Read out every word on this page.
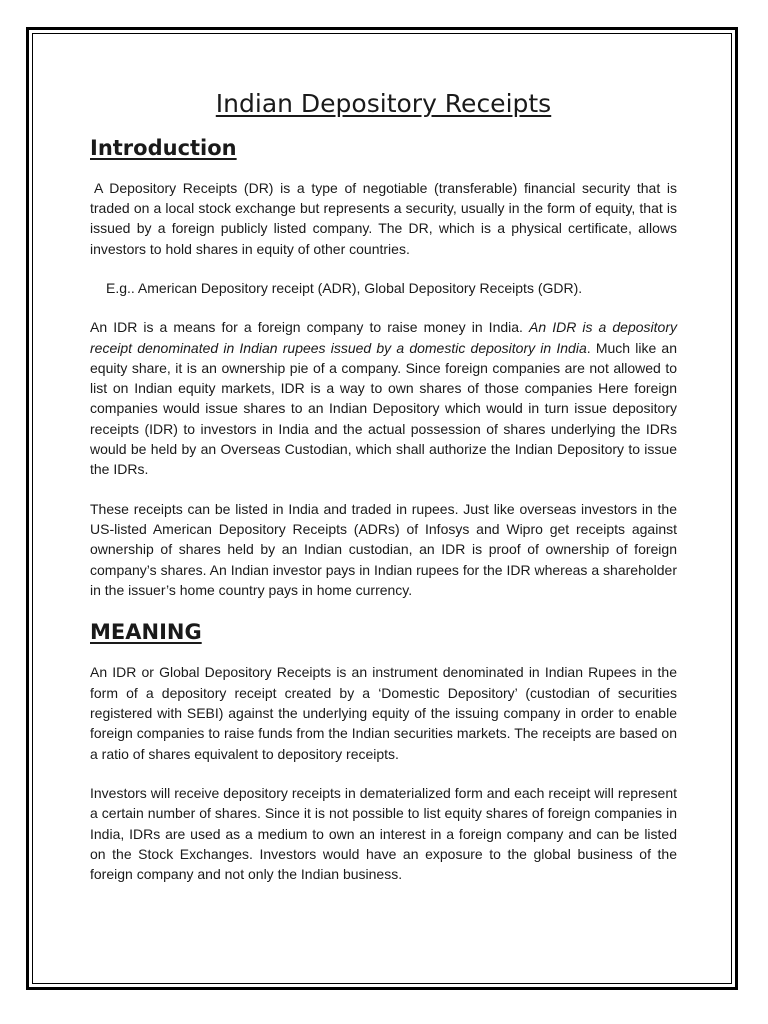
Indian Depository Receipts
Introduction

A Depository Receipts (DR) is a type of negotiable (transferable) financial security that is traded on a local stock exchange but represents a security, usually in the form of equity, that is issued by a foreign publicly listed company. The DR, which is a physical certificate, allows investors to hold shares in equity of other countries.

E.g.. American Depository receipt (ADR), Global Depository Receipts (GDR).

An IDR is a means for a foreign company to raise money in India. An IDR is a depository receipt denominated in Indian rupees issued by a domestic depository in India. Much like an equity share, it is an ownership pie of a company. Since foreign companies are not allowed to list on Indian equity markets, IDR is a way to own shares of those companies Here foreign companies would issue shares to an Indian Depository which would in turn issue depository receipts (IDR) to investors in India and the actual possession of shares underlying the IDRs would be held by an Overseas Custodian, which shall authorize the Indian Depository to issue the IDRs.

These receipts can be listed in India and traded in rupees. Just like overseas investors in the US-listed American Depository Receipts (ADRs) of Infosys and Wipro get receipts against ownership of shares held by an Indian custodian, an IDR is proof of ownership of foreign company’s shares. An Indian investor pays in Indian rupees for the IDR whereas a shareholder in the issuer’s home country pays in home currency.

MEANING

An IDR or Global Depository Receipts is an instrument denominated in Indian Rupees in the form of a depository receipt created by a ‘Domestic Depository’ (custodian of securities registered with SEBI) against the underlying equity of the issuing company in order to enable foreign companies to raise funds from the Indian securities markets. The receipts are based on a ratio of shares equivalent to depository receipts.

Investors will receive depository receipts in dematerialized form and each receipt will represent a certain number of shares. Since it is not possible to list equity shares of foreign companies in India, IDRs are used as a medium to own an interest in a foreign company and can be listed on the Stock Exchanges. Investors would have an exposure to the global business of the foreign company and not only the Indian business.
